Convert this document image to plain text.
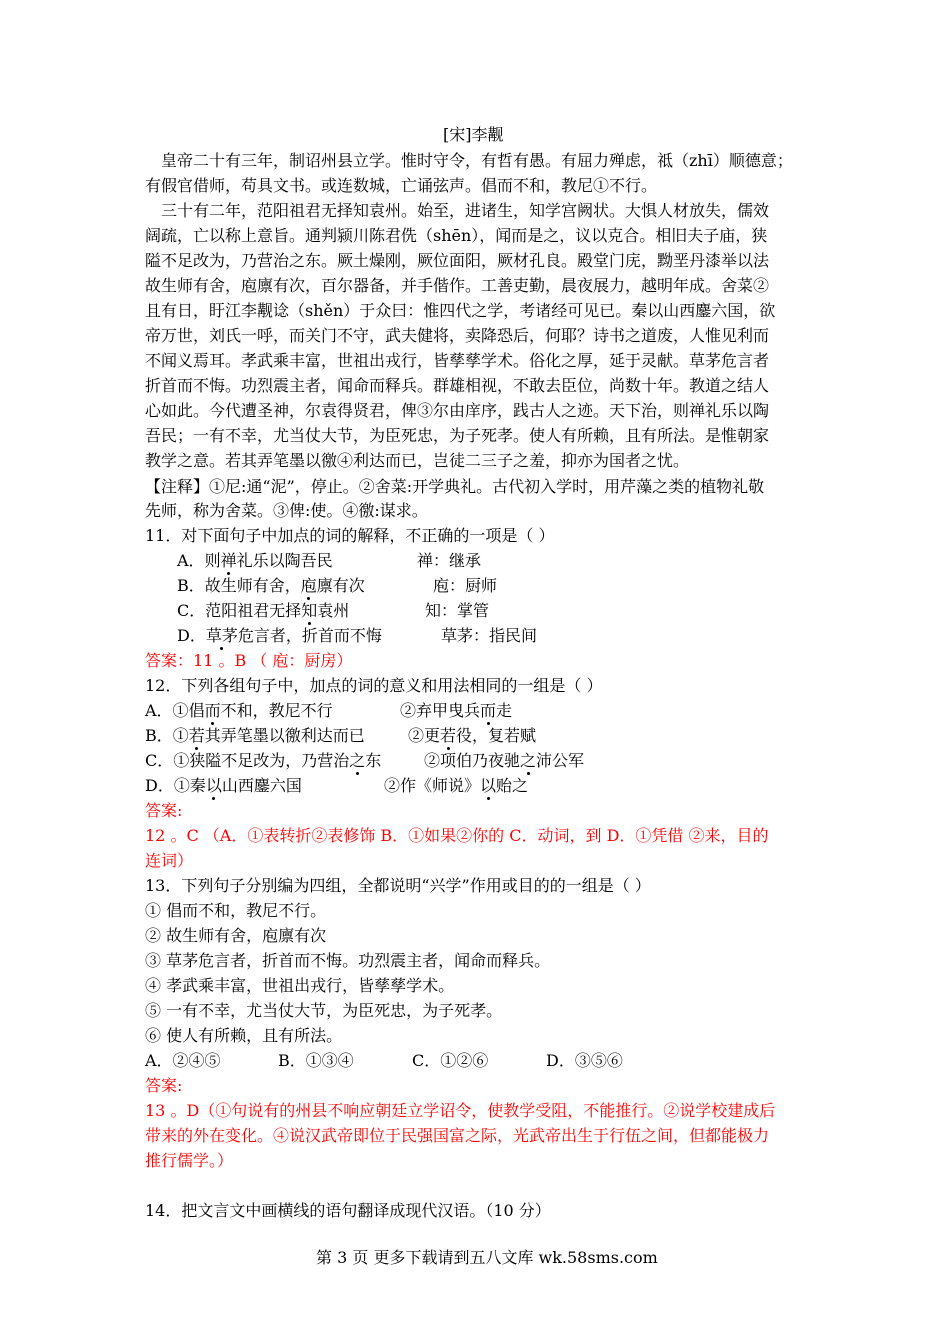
[宋]李觏
皇帝二十有三年，制诏州县立学。惟时守令，有哲有愚。有屈力殚虑，祗（zhī）顺德意；
有假官借师，苟具文书。或连数城，亡诵弦声。倡而不和，教尼①不行。
三十有二年，范阳祖君无择知袁州。始至，进诸生，知学宫阙状。大惧人材放失，儒效
阔疏，亡以称上意旨。通判颍川陈君侁（shēn），闻而是之，议以克合。相旧夫子庙，狭
隘不足改为，乃营治之东。厥土燥刚，厥位面阳，厥材孔良。殿堂门庑，黝垩丹漆举以法
故生师有舍，庖廪有次，百尔器备，并手偕作。工善吏勤，晨夜展力，越明年成。舍菜②
且有日，盱江李觏谂（shěn）于众曰：惟四代之学，考诸经可见已。秦以山西鏖六国，欲
帝万世，刘氏一呼，而关门不守，武夫健将，卖降恐后，何耶？诗书之道废，人惟见利而
不闻义焉耳。孝武乘丰富，世祖出戎行，皆孳孳学术。俗化之厚，延于灵献。草茅危言者
折首而不悔。功烈震主者，闻命而释兵。群雄相视，不敢去臣位，尚数十年。教道之结人
心如此。今代遭圣神，尔袁得贤君，俾③尔由庠序，践古人之迹。天下治，则禅礼乐以陶
吾民；一有不幸，尤当仗大节，为臣死忠，为子死孝。使人有所赖，且有所法。是惟朝家
教学之意。若其弄笔墨以徼④利达而已，岂徒二三子之羞，抑亦为国者之忧。
【注释】①尼:通“泥”，停止。②舍菜:开学典礼。古代初入学时，用芹藻之类的植物礼敬
先师，称为舍菜。③俾:使。④徼:谋求。
11．对下面句子中加点的词的解释，不正确的一项是（ ）
A．则禅礼乐以陶吾民	禅：继承
B．故生师有舍，庖廪有次	庖：厨师
C．范阳祖君无择知袁州	知：掌管
D．草茅危言者，折首而不悔	草茅：指民间
答案：11 。B （ 庖：厨房）
12．下列各组句子中，加点的词的意义和用法相同的一组是（ ）
A．①倡而不和，教尼不行	②弃甲曳兵而走
B．①若其弄笔墨以徼利达而已	②更若役，复若赋
C．①狭隘不足改为，乃营治之东	②项伯乃夜驰之沛公军
D．①秦以山西鏖六国	②作《师说》以贻之
答案:
12 。C （A．①表转折②表修饰 B．①如果②你的 C．动词，到 D．①凭借 ②来，目的
连词）
13．下列句子分别编为四组，全都说明“兴学”作用或目的的一组是（ ）
① 倡而不和，教尼不行。
② 故生师有舍，庖廪有次
③ 草茅危言者，折首而不悔。功烈震主者，闻命而释兵。
④ 孝武乘丰富，世祖出戎行，皆孳孳学术。
⑤ 一有不幸，尤当仗大节，为臣死忠，为子死孝。
⑥ 使人有所赖，且有所法。
A．②④⑤	B．①③④	C．①②⑥	D．③⑤⑥
答案:
13 。D（①句说有的州县不响应朝廷立学诏令，使教学受阻，不能推行。②说学校建成后
带来的外在变化。④说汉武帝即位于民强国富之际，光武帝出生于行伍之间，但都能极力
推行儒学。）
14．把文言文中画横线的语句翻译成现代汉语。（10 分）
第 3 页 更多下载请到五八文库 wk.58sms.com
